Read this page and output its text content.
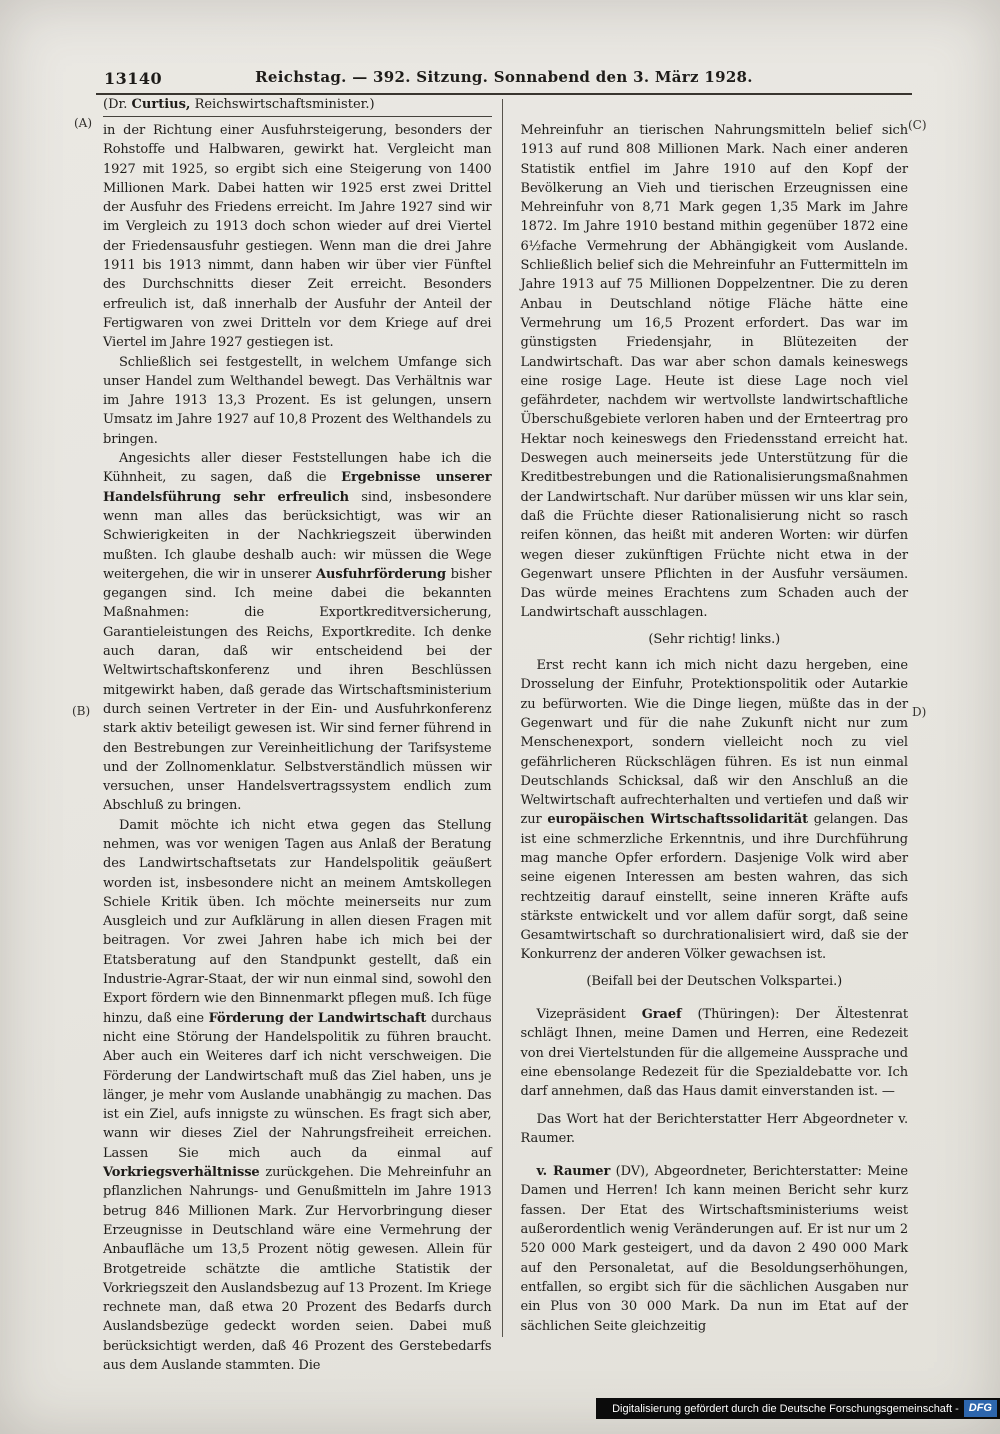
13140	Reichstag. — 392. Sitzung. Sonnabend den 3. März 1928.
(A)
(B)
(C)
D)
(Dr. Curtius, Reichswirtschaftsminister.)

in der Richtung einer Ausfuhrsteigerung, besonders der Rohstoffe und Halbwaren, gewirkt hat. Vergleicht man 1927 mit 1925, so ergibt sich eine Steigerung von 1400 Millionen Mark. Dabei hatten wir 1925 erst zwei Drittel der Ausfuhr des Friedens erreicht. Im Jahre 1927 sind wir im Vergleich zu 1913 doch schon wieder auf drei Viertel der Friedensausfuhr gestiegen. Wenn man die drei Jahre 1911 bis 1913 nimmt, dann haben wir über vier Fünftel des Durchschnitts dieser Zeit erreicht. Besonders erfreulich ist, daß innerhalb der Ausfuhr der Anteil der Fertigwaren von zwei Dritteln vor dem Kriege auf drei Viertel im Jahre 1927 gestiegen ist.

Schließlich sei festgestellt, in welchem Umfange sich unser Handel zum Welthandel bewegt. Das Verhältnis war im Jahre 1913 13,3 Prozent. Es ist gelungen, unsern Umsatz im Jahre 1927 auf 10,8 Prozent des Welthandels zu bringen.

Angesichts aller dieser Feststellungen habe ich die Kühnheit, zu sagen, daß die Ergebnisse unserer Handelsführung sehr erfreulich sind, insbesondere wenn man alles das berücksichtigt, was wir an Schwierigkeiten in der Nachkriegszeit überwinden mußten. Ich glaube deshalb auch: wir müssen die Wege weitergehen, die wir in unserer Ausfuhrförderung bisher gegangen sind. Ich meine dabei die bekannten Maßnahmen: die Exportkreditversicherung, Garantieleistungen des Reichs, Exportkredite. Ich denke auch daran, daß wir entscheidend bei der Weltwirtschaftskonferenz und ihren Beschlüssen mitgewirkt haben, daß gerade das Wirtschaftsministerium durch seinen Vertreter in der Ein- und Ausfuhrkonferenz stark aktiv beteiligt gewesen ist. Wir sind ferner führend in den Bestrebungen zur Vereinheitlichung der Tarifsysteme und der Zollnomenklatur. Selbstverständlich müssen wir versuchen, unser Handelsvertragssystem endlich zum Abschluß zu bringen.

Damit möchte ich nicht etwa gegen das Stellung nehmen, was vor wenigen Tagen aus Anlaß der Beratung des Landwirtschaftsetats zur Handelspolitik geäußert worden ist, insbesondere nicht an meinem Amtskollegen Schiele Kritik üben. Ich möchte meinerseits nur zum Ausgleich und zur Aufklärung in allen diesen Fragen mit beitragen. Vor zwei Jahren habe ich mich bei der Etatsberatung auf den Standpunkt gestellt, daß ein Industrie-Agrar-Staat, der wir nun einmal sind, sowohl den Export fördern wie den Binnenmarkt pflegen muß. Ich füge hinzu, daß eine Förderung der Landwirtschaft durchaus nicht eine Störung der Handelspolitik zu führen braucht. Aber auch ein Weiteres darf ich nicht verschweigen. Die Förderung der Landwirtschaft muß das Ziel haben, uns je länger, je mehr vom Auslande unabhängig zu machen. Das ist ein Ziel, aufs innigste zu wünschen. Es fragt sich aber, wann wir dieses Ziel der Nahrungsfreiheit erreichen. Lassen Sie mich auch da einmal auf Vorkriegsverhältnisse zurückgehen. Die Mehreinfuhr an pflanzlichen Nahrungs- und Genußmitteln im Jahre 1913 betrug 846 Millionen Mark. Zur Hervorbringung dieser Erzeugnisse in Deutschland wäre eine Vermehrung der Anbaufläche um 13,5 Prozent nötig gewesen. Allein für Brotgetreide schätzte die amtliche Statistik der Vorkriegszeit den Auslandsbezug auf 13 Prozent. Im Kriege rechnete man, daß etwa 20 Prozent des Bedarfs durch Auslandsbezüge gedeckt worden seien. Dabei muß berücksichtigt werden, daß 46 Prozent des Gerstebedarfs aus dem Auslande stammten. Die

Mehreinfuhr an tierischen Nahrungsmitteln belief sich 1913 auf rund 808 Millionen Mark. Nach einer anderen Statistik entfiel im Jahre 1910 auf den Kopf der Bevölkerung an Vieh und tierischen Erzeugnissen eine Mehreinfuhr von 8,71 Mark gegen 1,35 Mark im Jahre 1872. Im Jahre 1910 bestand mithin gegenüber 1872 eine 6½fache Vermehrung der Abhängigkeit vom Auslande. Schließlich belief sich die Mehreinfuhr an Futtermitteln im Jahre 1913 auf 75 Millionen Doppelzentner. Die zu deren Anbau in Deutschland nötige Fläche hätte eine Vermehrung um 16,5 Prozent erfordert. Das war im günstigsten Friedensjahr, in Blütezeiten der Landwirtschaft. Das war aber schon damals keineswegs eine rosige Lage. Heute ist diese Lage noch viel gefährdeter, nachdem wir wertvollste landwirtschaftliche Überschußgebiete verloren haben und der Ernteertrag pro Hektar noch keineswegs den Friedensstand erreicht hat. Deswegen auch meinerseits jede Unterstützung für die Kreditbestrebungen und die Rationalisierungsmaßnahmen der Landwirtschaft. Nur darüber müssen wir uns klar sein, daß die Früchte dieser Rationalisierung nicht so rasch reifen können, das heißt mit anderen Worten: wir dürfen wegen dieser zukünftigen Früchte nicht etwa in der Gegenwart unsere Pflichten in der Ausfuhr versäumen. Das würde meines Erachtens zum Schaden auch der Landwirtschaft ausschlagen.

(Sehr richtig! links.)

Erst recht kann ich mich nicht dazu hergeben, eine Drosselung der Einfuhr, Protektionspolitik oder Autarkie zu befürworten. Wie die Dinge liegen, müßte das in der Gegenwart und für die nahe Zukunft nicht nur zum Menschenexport, sondern vielleicht noch zu viel gefährlicheren Rückschlägen führen. Es ist nun einmal Deutschlands Schicksal, daß wir den Anschluß an die Weltwirtschaft aufrechterhalten und vertiefen und daß wir zur europäischen Wirtschaftssolidarität gelangen. Das ist eine schmerzliche Erkenntnis, und ihre Durchführung mag manche Opfer erfordern. Dasjenige Volk wird aber seine eigenen Interessen am besten wahren, das sich rechtzeitig darauf einstellt, seine inneren Kräfte aufs stärkste entwickelt und vor allem dafür sorgt, daß seine Gesamtwirtschaft so durchrationalisiert wird, daß sie der Konkurrenz der anderen Völker gewachsen ist.

(Beifall bei der Deutschen Volkspartei.)

Vizepräsident Graef (Thüringen): Der Ältestenrat schlägt Ihnen, meine Damen und Herren, eine Redezeit von drei Viertelstunden für die allgemeine Aussprache und eine ebensolange Redezeit für die Spezialdebatte vor. Ich darf annehmen, daß das Haus damit einverstanden ist. —

Das Wort hat der Berichterstatter Herr Abgeordneter v. Raumer.

v. Raumer (DV), Abgeordneter, Berichterstatter: Meine Damen und Herren! Ich kann meinen Bericht sehr kurz fassen. Der Etat des Wirtschaftsministeriums weist außerordentlich wenig Veränderungen auf. Er ist nur um 2 520 000 Mark gesteigert, und da davon 2 490 000 Mark auf den Personaletat, auf die Besoldungserhöhungen, entfallen, so ergibt sich für die sächlichen Ausgaben nur ein Plus von 30 000 Mark. Da nun im Etat auf der sächlichen Seite gleichzeitig

Digitalisierung gefördert durch die Deutsche Forschungsgemeinschaft - DFG
